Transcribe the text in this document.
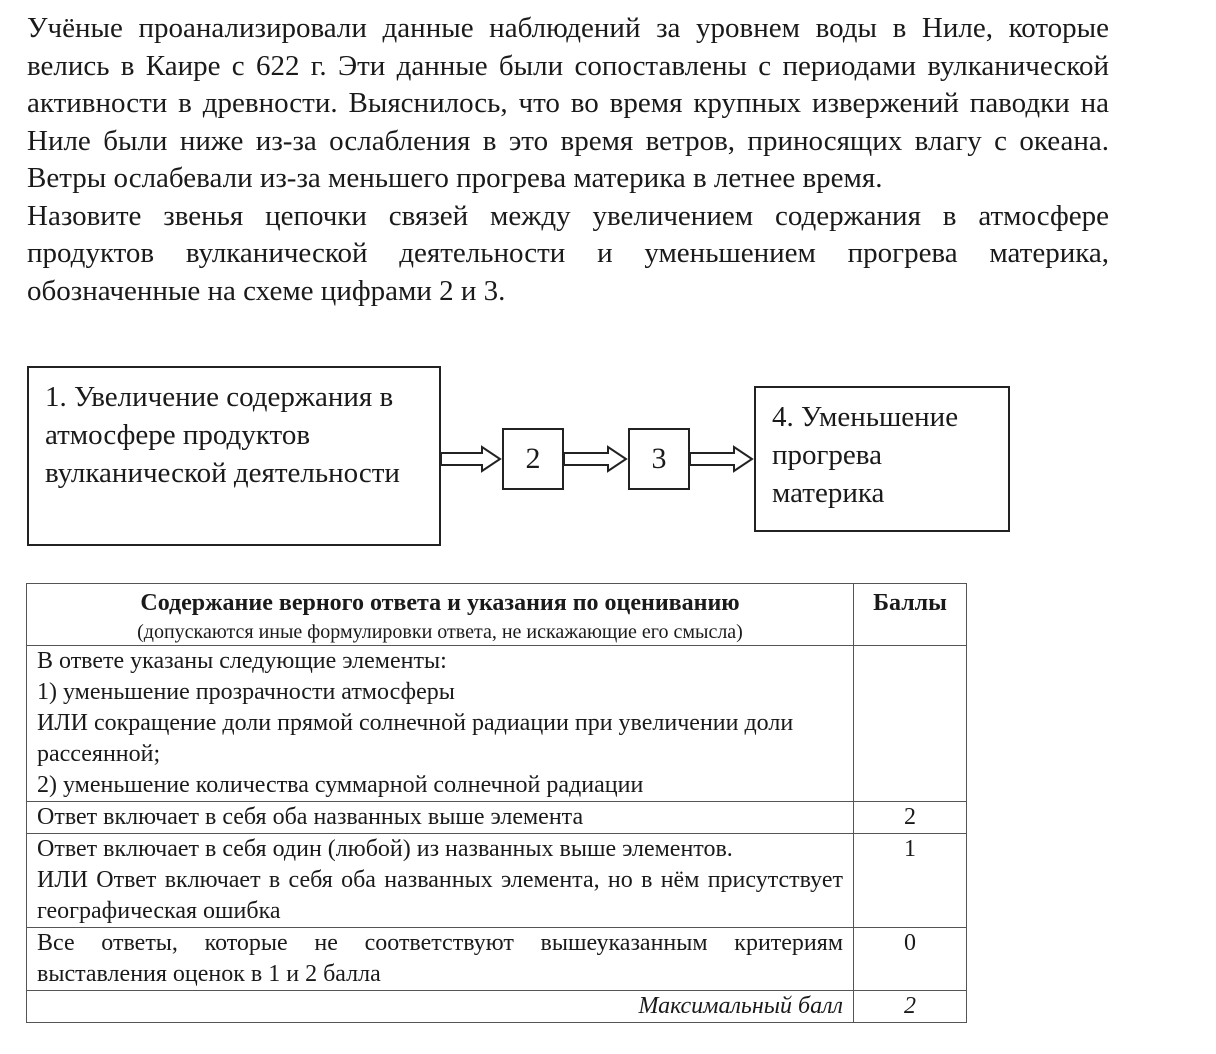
Учёные проанализировали данные наблюдений за уровнем воды в Ниле, которые велись в Каире с 622 г. Эти данные были сопоставлены с периодами вулканической активности в древности. Выяснилось, что во время крупных извержений паводки на Ниле были ниже из-за ослабления в это время ветров, приносящих влагу с океана. Ветры ослабевали из-за меньшего прогрева материка в летнее время.

Назовите звенья цепочки связей между увеличением содержания в атмосфере продуктов вулканической деятельности и уменьшением прогрева материка, обозначенные на схеме цифрами 2 и 3.

1. Увеличение содержания в атмосфере продуктов вулканической деятельности	2	3
4. Уменьшение прогрева материка
Содержание верного ответа и указания по оцениванию
(допускаются иные формулировки ответа, не искажающие его смысла)	Баллы

В ответе указаны следующие элементы:
1) уменьшение прозрачности атмосферы
ИЛИ сокращение доли прямой солнечной радиации при увеличении доли рассеянной;
2) уменьшение количества суммарной солнечной радиации	

Ответ включает в себя оба названных выше элемента	2

Ответ включает в себя один (любой) из названных выше элементов.
ИЛИ Ответ включает в себя оба названных элемента, но в нём присутствует географическая ошибка	1
Все ответы, которые не соответствуют вышеуказанным критериям выставления оценок в 1 и 2 балла	0
Максимальный балл	2
